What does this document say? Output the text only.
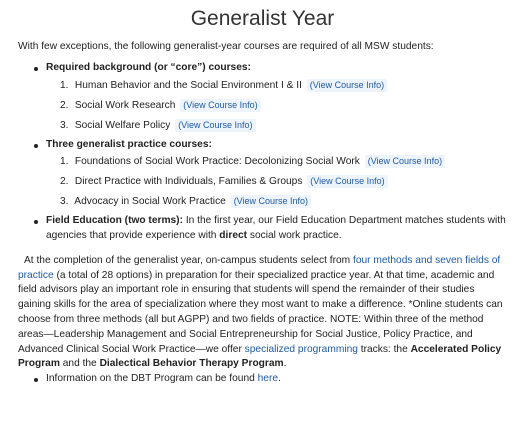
Generalist Year

With few exceptions, the following generalist-year courses are required of all MSW students:

Required background (or “core”) courses:
1. Human Behavior and the Social Environment I & II (View Course Info)
2. Social Work Research (View Course Info)
3. Social Welfare Policy (View Course Info)
Three generalist practice courses:
1. Foundations of Social Work Practice: Decolonizing Social Work (View Course Info)
2. Direct Practice with Individuals, Families & Groups (View Course Info)
3. Advocacy in Social Work Practice (View Course Info)
Field Education (two terms): In the first year, our Field Education Department matches students with agencies that provide experience with direct social work practice.

At the completion of the generalist year, on-campus students select from four methods and seven fields of practice (a total of 28 options) in preparation for their specialized practice year. At that time, academic and field advisors play an important role in ensuring that students will spend the remainder of their studies gaining skills for the area of specialization where they most want to make a difference. *Online students can choose from three methods (all but AGPP) and two fields of practice. NOTE: Within three of the method areas—Leadership Management and Social Entrepreneurship for Social Justice, Policy Practice, and Advanced Clinical Social Work Practice—we offer specialized programming tracks: the Accelerated Policy Program and the Dialectical Behavior Therapy Program.

Information on the DBT Program can be found here.
